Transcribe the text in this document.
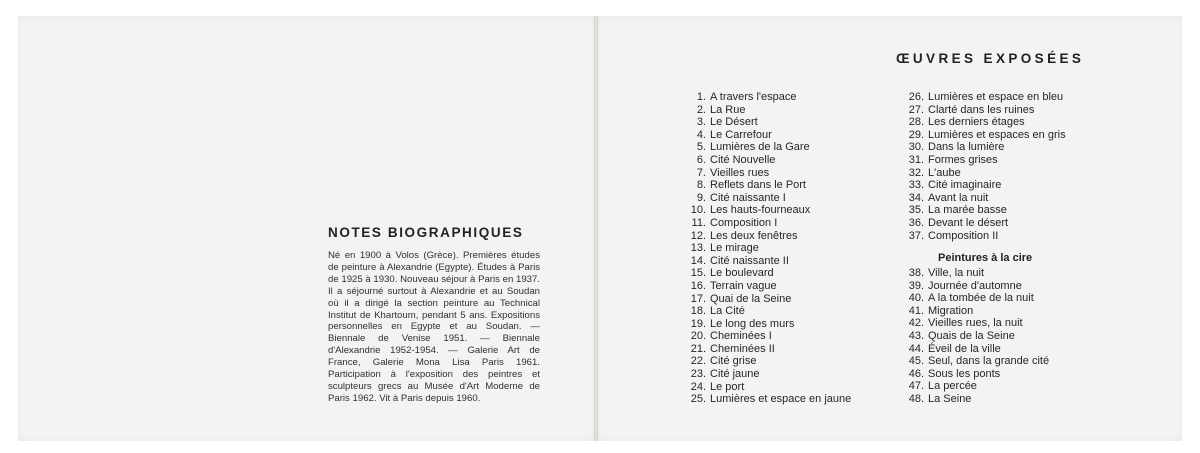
NOTES BIOGRAPHIQUES

Né en 1900 à Volos (Grèce). Premières études de peinture à Alexandrie (Egypte). Études à Paris de 1925 à 1930. Nouveau séjour à Paris en 1937. Il a séjourné surtout à Alexandrie et au Soudan où il a dirigé la section peinture au Technical Institut de Khartoum, pendant 5 ans. Expositions personnelles en Egypte et au Soudan. — Biennale de Venise 1951. — Biennale d'Alexandrie 1952-1954. — Galerie Art de France, Galerie Mona Lisa Paris 1961. Participation à l'exposition des peintres et sculpteurs grecs au Musée d'Art Moderne de Paris 1962. Vit à Paris depuis 1960.

ŒUVRES EXPOSÉES
1. A travers l'espace
2. La Rue
3. Le Désert
4. Le Carrefour
5. Lumières de la Gare
6. Cité Nouvelle
7. Vieilles rues
8. Reflets dans le Port
9. Cité naissante I
10. Les hauts-fourneaux
11. Composition I
12. Les deux fenêtres
13. Le mirage
14. Cité naissante II
15. Le boulevard
16. Terrain vague
17. Quai de la Seine
18. La Cité
19. Le long des murs
20. Cheminées I
21. Cheminées II
22. Cité grise
23. Cité jaune
24. Le port
25. Lumières et espace en jaune
26. Lumières et espace en bleu
27. Clarté dans les ruines
28. Les derniers étages
29. Lumières et espaces en gris
30. Dans la lumière
31. Formes grises
32. L'aube
33. Cité imaginaire
34. Avant la nuit
35. La marée basse
36. Devant le désert
37. Composition II
Peintures à la cire
38. Ville, la nuit
39. Journée d'automne
40. A la tombée de la nuit
41. Migration
42. Vieilles rues, la nuit
43. Quais de la Seine
44. Éveil de la ville
45. Seul, dans la grande cité
46. Sous les ponts
47. La percée
48. La Seine
